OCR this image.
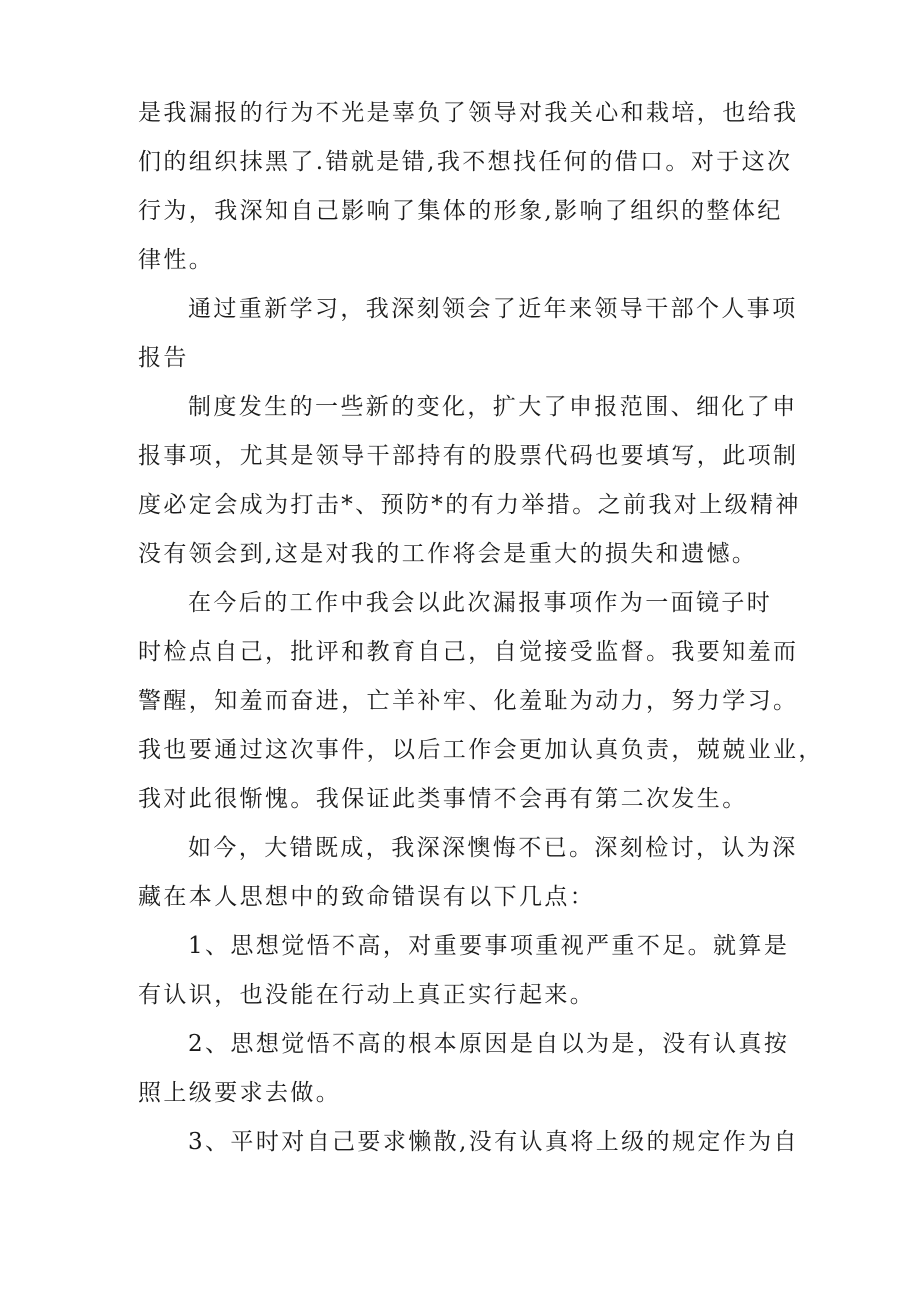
是我漏报的行为不光是辜负了领导对我关心和栽培，也给我
们的组织抹黑了.错就是错,我不想找任何的借口。对于这次
行为，我深知自己影响了集体的形象,影响了组织的整体纪
律性。
通过重新学习，我深刻领会了近年来领导干部个人事项
报告
制度发生的一些新的变化，扩大了申报范围、细化了申
报事项，尤其是领导干部持有的股票代码也要填写，此项制
度必定会成为打击*、预防*的有力举措。之前我对上级精神
没有领会到,这是对我的工作将会是重大的损失和遗憾。
在今后的工作中我会以此次漏报事项作为一面镜子时
时检点自己，批评和教育自己，自觉接受监督。我要知羞而
警醒，知羞而奋进，亡羊补牢、化羞耻为动力，努力学习。
我也要通过这次事件，以后工作会更加认真负责，兢兢业业，
我对此很惭愧。我保证此类事情不会再有第二次发生。
如今，大错既成，我深深懊悔不已。深刻检讨，认为深
藏在本人思想中的致命错误有以下几点：
1、思想觉悟不高，对重要事项重视严重不足。就算是
有认识，也没能在行动上真正实行起来。
2、思想觉悟不高的根本原因是自以为是，没有认真按
照上级要求去做。
3、平时对自己要求懒散,没有认真将上级的规定作为自
